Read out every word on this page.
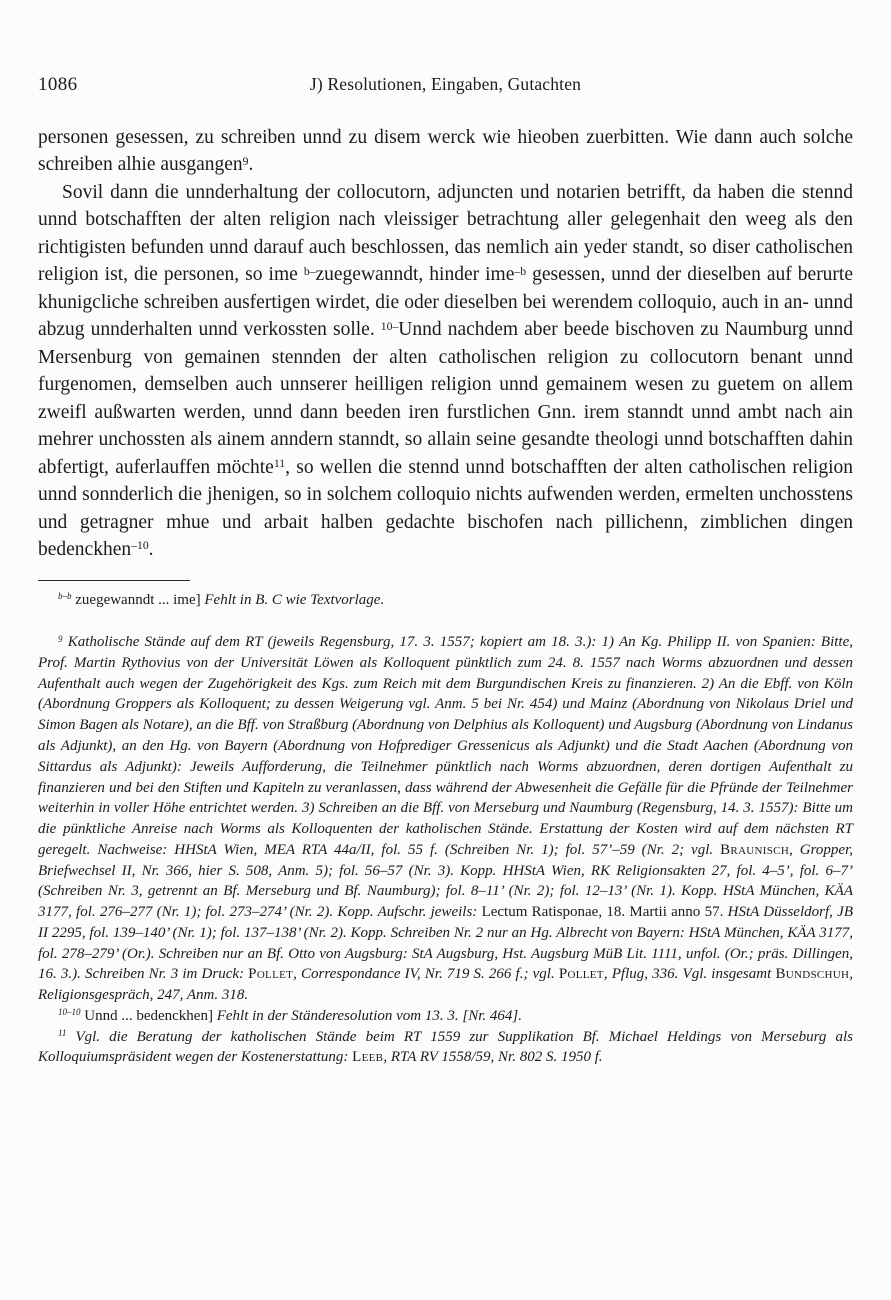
1086	J) Resolutionen, Eingaben, Gutachten

personen gesessen, zu schreiben unnd zu disem werck wie hieoben zuerbitten. Wie dann auch solche schreiben alhie ausgangen$^9$.

Sovil dann die unnderhaltung der collocutorn, adjuncten und notarien betrifft, da haben die stennd unnd botschafften der alten religion nach vleissiger betrachtung aller gelegenhait den weeg als den richtigisten befunden unnd darauf auch beschlossen, das nemlich ain yeder standt, so diser catholischen religion ist, die personen, so ime $^{b-}$zuegewanndt, hinder ime$^{-b}$ gesessen, unnd der dieselben auf berurte khunigcliche schreiben ausfertigen wirdet, die oder dieselben bei werendem colloquio, auch in an- unnd abzug unnderhalten unnd verkossten solle. $^{10-}$Unnd nachdem aber beede bischoven zu Naumburg unnd Mersenburg von gemainen stennden der alten catholischen religion zu collocutorn benant unnd furgenomen, demselben auch unnserer heilligen religion unnd gemainem wesen zu guetem on allem zweifl außwarten werden, unnd dann beeden iren furstlichen Gnn. irem stanndt unnd ambt nach ain mehrer unchossten als ainem anndern stanndt, so allain seine gesandte theologi unnd botschafften dahin abfertigt, auferlauffen möchte$^{11}$, so wellen die stennd unnd botschafften der alten catholischen religion unnd sonnderlich die jhenigen, so in solchem colloquio nichts aufwenden werden, ermelten unchosstens und getragner mhue und arbait halben gedachte bischofen nach pillichenn, zimblichen dingen bedenckhen$^{-10}$.

$^{b-b}$ zuegewanndt ... ime] Fehlt in B. C wie Textvorlage.

$^9$ Katholische Stände auf dem RT (jeweils Regensburg, 17. 3. 1557; kopiert am 18. 3.): 1) An Kg. Philipp II. von Spanien: Bitte, Prof. Martin Rythovius von der Universität Löwen als Kolloquent pünktlich zum 24. 8. 1557 nach Worms abzuordnen und dessen Aufenthalt auch wegen der Zugehörigkeit des Kgs. zum Reich mit dem Burgundischen Kreis zu finanzieren. 2) An die Ebff. von Köln (Abordnung Groppers als Kolloquent; zu dessen Weigerung vgl. Anm. 5 bei Nr. 454) und Mainz (Abordnung von Nikolaus Driel und Simon Bagen als Notare), an die Bff. von Straßburg (Abordnung von Delphius als Kolloquent) und Augsburg (Abordnung von Lindanus als Adjunkt), an den Hg. von Bayern (Abordnung von Hofprediger Gressenicus als Adjunkt) und die Stadt Aachen (Abordnung von Sittardus als Adjunkt): Jeweils Aufforderung, die Teilnehmer pünktlich nach Worms abzuordnen, deren dortigen Aufenthalt zu finanzieren und bei den Stiften und Kapiteln zu veranlassen, dass während der Abwesenheit die Gefälle für die Pfründe der Teilnehmer weiterhin in voller Höhe entrichtet werden. 3) Schreiben an die Bff. von Merseburg und Naumburg (Regensburg, 14. 3. 1557): Bitte um die pünktliche Anreise nach Worms als Kolloquenten der katholischen Stände. Erstattung der Kosten wird auf dem nächsten RT geregelt. Nachweise: HHStA Wien, MEA RTA 44a/II, fol. 55 f. (Schreiben Nr. 1); fol. 57’–59 (Nr. 2; vgl. Braunisch, Gropper, Briefwechsel II, Nr. 366, hier S. 508, Anm. 5); fol. 56–57 (Nr. 3). Kopp. HHStA Wien, RK Religionsakten 27, fol. 4–5’, fol. 6–7’ (Schreiben Nr. 3, getrennt an Bf. Merseburg und Bf. Naumburg); fol. 8–11’ (Nr. 2); fol. 12–13’ (Nr. 1). Kopp. HStA München, KÄA 3177, fol. 276–277 (Nr. 1); fol. 273–274’ (Nr. 2). Kopp. Aufschr. jeweils: Lectum Ratisponae, 18. Martii anno 57. HStA Düsseldorf, JB II 2295, fol. 139–140’ (Nr. 1); fol. 137–138’ (Nr. 2). Kopp. Schreiben Nr. 2 nur an Hg. Albrecht von Bayern: HStA München, KÄA 3177, fol. 278–279’ (Or.). Schreiben nur an Bf. Otto von Augsburg: StA Augsburg, Hst. Augsburg MüB Lit. 1111, unfol. (Or.; präs. Dillingen, 16. 3.). Schreiben Nr. 3 im Druck: Pollet, Correspondance IV, Nr. 719 S. 266 f.; vgl. Pollet, Pflug, 336. Vgl. insgesamt Bundschuh, Religionsgespräch, 247, Anm. 318.

$^{10-10}$ Unnd ... bedenckhen] Fehlt in der Ständeresolution vom 13. 3. [Nr. 464].

$^{11}$ Vgl. die Beratung der katholischen Stände beim RT 1559 zur Supplikation Bf. Michael Heldings von Merseburg als Kolloquiumspräsident wegen der Kostenerstattung: Leeb, RTA RV 1558/59, Nr. 802 S. 1950 f.
